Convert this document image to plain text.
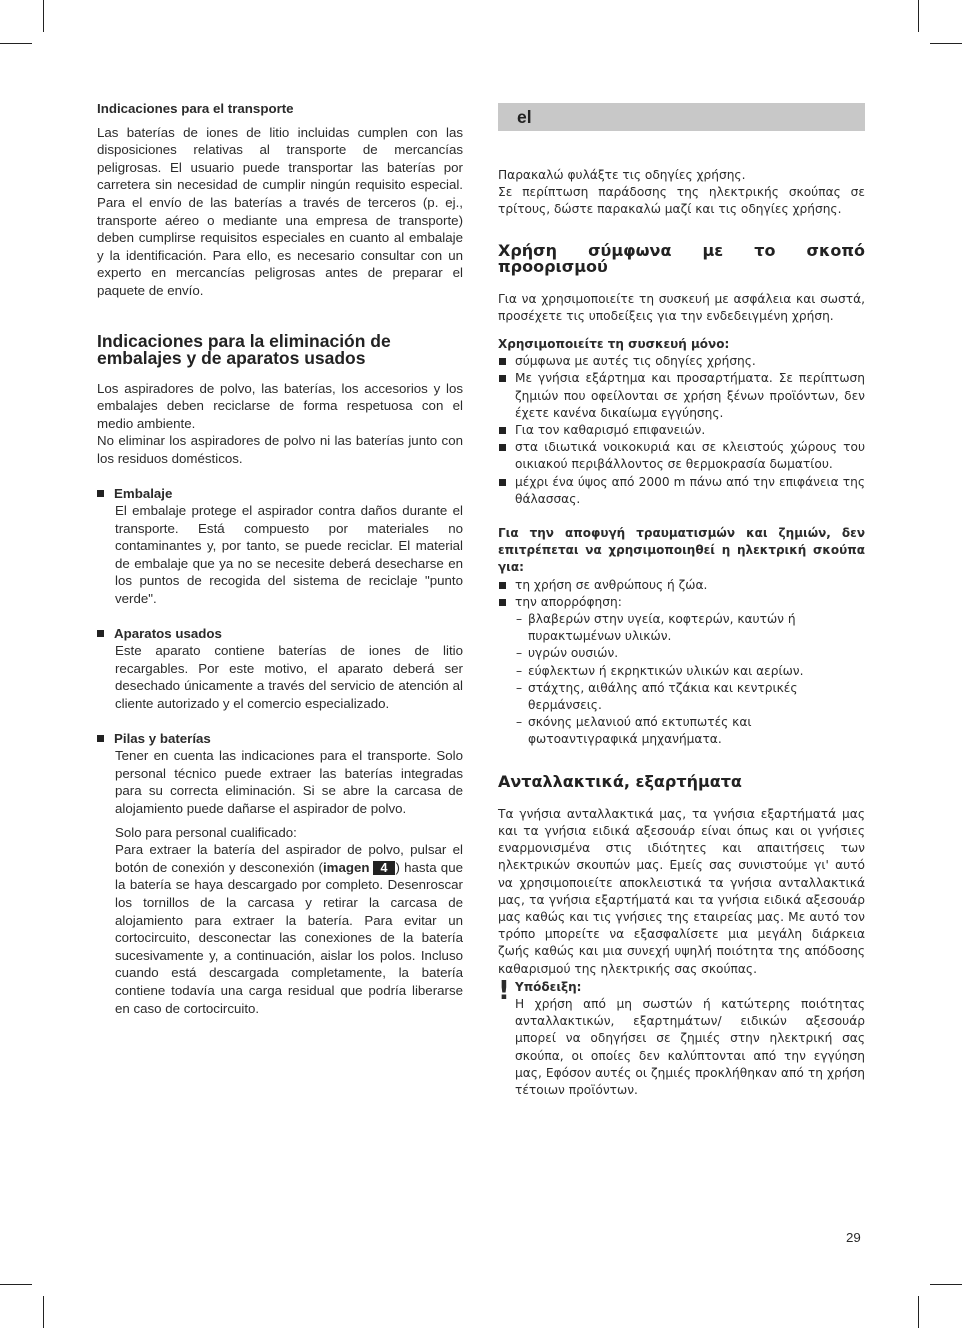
Indicaciones para el transporte

Las baterías de iones de litio incluidas cumplen con las disposiciones relativas al transporte de mercancías peligrosas. El usuario puede transportar las baterías por carretera sin necesidad de cumplir ningún requisito especial. Para el envío de las baterías a través de terceros (p. ej., transporte aéreo o mediante una empresa de transporte) deben cumplirse requisitos especiales en cuanto al embalaje y la identificación. Para ello, es necesario consultar con un experto en mercancías peligrosas antes de preparar el paquete de envío.

Indicaciones para la eliminación de embalajes y de aparatos usados

Los aspiradores de polvo, las baterías, los accesorios y los embalajes deben reciclarse de forma respetuosa con el medio ambiente.

No eliminar los aspiradores de polvo ni las baterías junto con los residuos domésticos.

Embalaje

El embalaje protege el aspirador contra daños durante el transporte. Está compuesto por materiales no contaminantes y, por tanto, se puede reciclar. El material de embalaje que ya no se necesite deberá desecharse en los puntos de recogida del sistema de reciclaje "punto verde".

Aparatos usados

Este aparato contiene baterías de iones de litio recargables. Por este motivo, el aparato deberá ser desechado únicamente a través del servicio de atención al cliente autorizado y el comercio especializado.

Pilas y baterías

Tener en cuenta las indicaciones para el transporte. Solo personal técnico puede extraer las baterías integradas para su correcta eliminación. Si se abre la carcasa de alojamiento puede dañarse el aspirador de polvo.

Solo para personal cualificado:

Para extraer la batería del aspirador de polvo, pulsar el botón de conexión y desconexión (imagen 4 ) hasta que la batería se haya descargado por completo. Desenroscar los tornillos de la carcasa y retirar la carcasa de alojamiento para extraer la batería. Para evitar un cortocircuito, desconectar las conexiones de la batería sucesivamente y, a continuación, aislar los polos. Incluso cuando está descargada completamente, la batería contiene todavía una carga residual que podría liberarse en caso de cortocircuito.

el

Παρακαλώ φυλάξτε τις οδηγίες χρήσης.

Σε περίπτωση παράδοσης της ηλεκτρικής σκούπας σε τρίτους, δώστε παρακαλώ μαζί και τις οδηγίες χρήσης.

Χρήση σύμφωνα με το σκοπό προορισμού

Για να χρησιμοποιείτε τη συσκευή με ασφάλεια και σωστά, προσέχετε τις υποδείξεις για την ενδεδειγμένη χρήση.

Χρησιμοποιείτε τη συσκευή μόνο:

σύμφωνα με αυτές τις οδηγίες χρήσης.

Με γνήσια εξάρτημα και προσαρτήματα. Σε περίπτωση ζημιών που οφείλονται σε χρήση ξένων προϊόντων, δεν έχετε κανένα δικαίωμα εγγύησης.

Για τον καθαρισμό επιφανειών.

στα ιδιωτικά νοικοκυριά και σε κλειστούς χώρους του οικιακού περιβάλλοντος σε θερμοκρασία δωματίου.

μέχρι ένα ύψος από 2000 m πάνω από την επιφάνεια της θάλασσας.

Για την αποφυγή τραυματισμών και ζημιών, δεν επιτρέπεται να χρησιμοποιηθεί η ηλεκτρική σκούπα για:

τη χρήση σε ανθρώπους ή ζώα.

την απορρόφηση:

– βλαβερών στην υγεία, κοφτερών, καυτών ή πυρακτωμένων υλικών.

– υγρών ουσιών.

– εύφλεκτων ή εκρηκτικών υλικών και αερίων.

– στάχτης, αιθάλης από τζάκια και κεντρικές θερμάνσεις.

– σκόνης μελανιού από εκτυπωτές και φωτοαντιγραφικά μηχανήματα.

Ανταλλακτικά, εξαρτήματα

Τα γνήσια ανταλλακτικά μας, τα γνήσια εξαρτήματά μας και τα γνήσια ειδικά αξεσουάρ είναι όπως και οι γνήσιες εναρμονισμένα στις ιδιότητες και απαιτήσεις των ηλεκτρικών σκουπών μας. Εμείς σας συνιστούμε γι' αυτό να χρησιμοποιείτε αποκλειστικά τα γνήσια ανταλλακτικά μας, τα γνήσια εξαρτήματά και τα γνήσια ειδικά αξεσουάρ μας καθώς και τις γνήσιες της εταιρείας μας. Με αυτό τον τρόπο μπορείτε να εξασφαλίσετε μια μεγάλη διάρκεια ζωής καθώς και μια συνεχή υψηλή ποιότητα της απόδοσης καθαρισμού της ηλεκτρικής σας σκούπας.

! Υπόδειξη:

Η χρήση από μη σωστών ή κατώτερης ποιότητας ανταλλακτικών, εξαρτημάτων/ ειδικών αξεσουάρ μπορεί να οδηγήσει σε ζημιές στην ηλεκτρική σας σκούπα, οι οποίες δεν καλύπτονται από την εγγύηση μας, Εφόσον αυτές οι ζημιές προκλήθηκαν από τη χρήση τέτοιων προϊόντων.

29
